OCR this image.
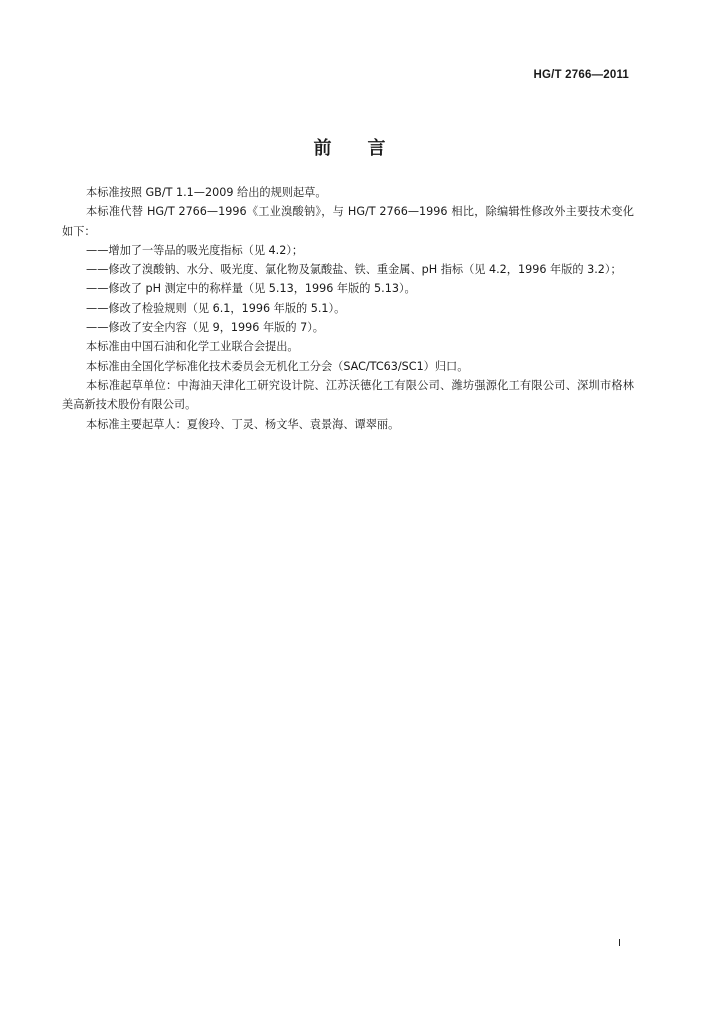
HG/T 2766—2011
前 言

本标准按照 GB/T 1.1—2009 给出的规则起草。

本标准代替 HG/T 2766—1996《工业溴酸钠》，与 HG/T 2766—1996 相比，除编辑性修改外主要技术变化如下：

——增加了一等品的吸光度指标（见 4.2）；

——修改了溴酸钠、水分、吸光度、氯化物及氯酸盐、铁、重金属、pH 指标（见 4.2，1996 年版的 3.2）；

——修改了 pH 测定中的称样量（见 5.13，1996 年版的 5.13）。

——修改了检验规则（见 6.1，1996 年版的 5.1）。

——修改了安全内容（见 9，1996 年版的 7）。

本标准由中国石油和化学工业联合会提出。

本标准由全国化学标准化技术委员会无机化工分会（SAC/TC63/SC1）归口。

本标准起草单位：中海油天津化工研究设计院、江苏沃德化工有限公司、潍坊强源化工有限公司、深圳市格林美高新技术股份有限公司。

本标准主要起草人：夏俊玲、丁灵、杨文华、袁景海、谭翠丽。

I
